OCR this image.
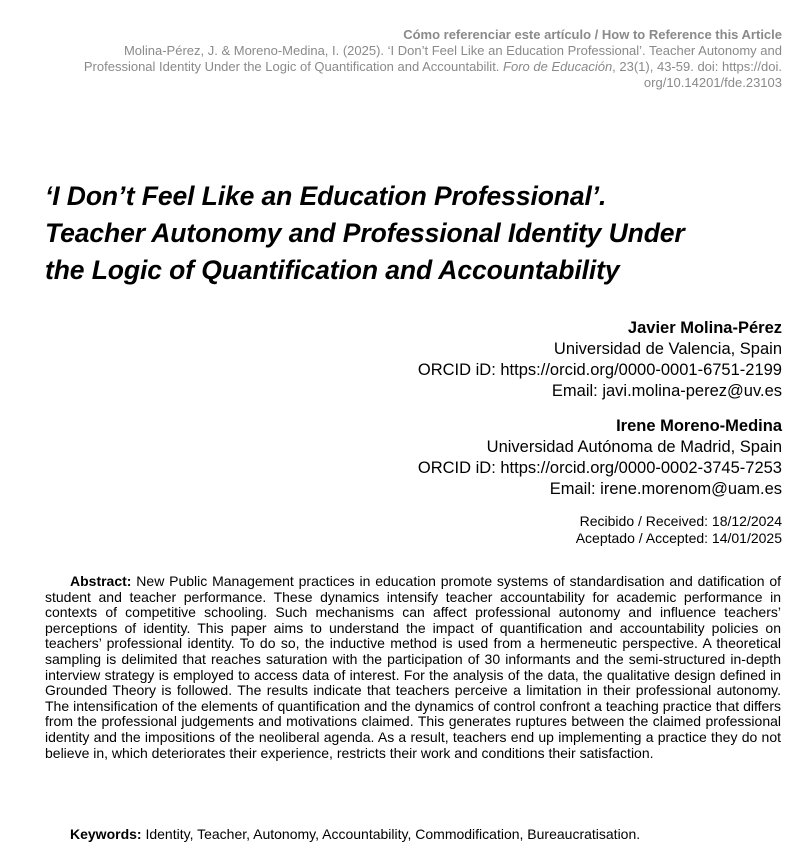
Cómo referenciar este artículo / How to Reference this Article
Molina-Pérez, J. & Moreno-Medina, I. (2025). ‘I Don’t Feel Like an Education Professional’. Teacher Autonomy and Professional Identity Under the Logic of Quantification and Accountabilit. Foro de Educación, 23(1), 43-59. doi: https://doi. org/10.14201/fde.23103
‘I Don’t Feel Like an Education Professional’.
Teacher Autonomy and Professional Identity Under
the Logic of Quantification and Accountability
Javier Molina-Pérez
Universidad de Valencia, Spain
ORCID iD: https://orcid.org/0000-0001-6751-2199
Email: javi.molina-perez@uv.es
Irene Moreno-Medina
Universidad Autónoma de Madrid, Spain
ORCID iD: https://orcid.org/0000-0002-3745-7253
Email: irene.morenom@uam.es
Recibido / Received: 18/12/2024
Aceptado / Accepted: 14/01/2025

Abstract: New Public Management practices in education promote systems of standardisation and datification of student and teacher performance. These dynamics intensify teacher accountability for academic performance in contexts of competitive schooling. Such mechanisms can affect professional autonomy and influence teachers’ perceptions of identity. This paper aims to understand the impact of quantification and accountability policies on teachers’ professional identity. To do so, the inductive method is used from a hermeneutic perspective. A theoretical sampling is delimited that reaches saturation with the participation of 30 informants and the semi-structured in-depth interview strategy is employed to access data of interest. For the analysis of the data, the qualitative design defined in Grounded Theory is followed. The results indicate that teachers perceive a limitation in their professional autonomy. The intensification of the elements of quantification and the dynamics of control confront a teaching practice that differs from the professional judgements and motivations claimed. This generates ruptures between the claimed professional identity and the impositions of the neoliberal agenda. As a result, teachers end up implementing a practice they do not believe in, which deteriorates their experience, restricts their work and conditions their satisfaction.

Keywords: Identity, Teacher, Autonomy, Accountability, Commodification, Bureaucratisation.
